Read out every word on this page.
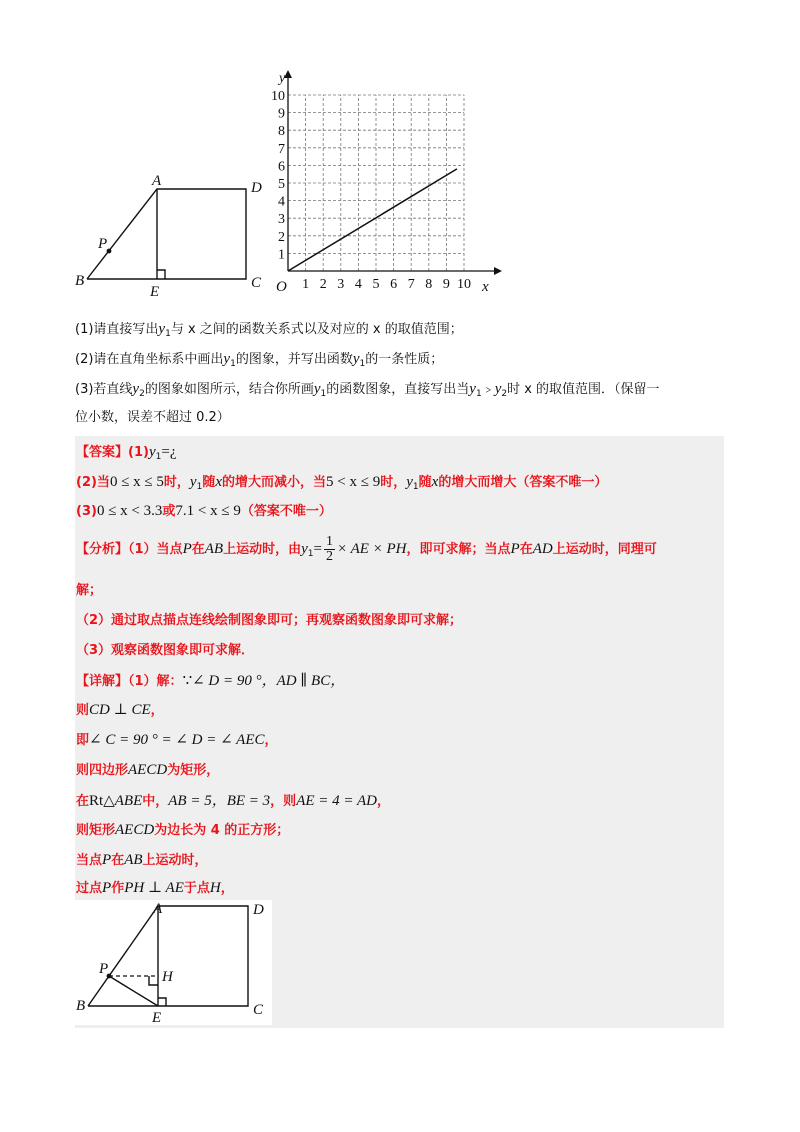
A	D
B	C
E
P
1 2 3 4 5 6 7 8 9 10
1
2
3
4
5
6
7
8
9
10
O	x
y
(1)请直接写出$y_1$与 x 之间的函数关系式以及对应的 x 的取值范围；
(2)请在直角坐标系中画出$y_1$的图象，并写出函数$y_1$的一条性质；
(3)若直线$y_2$的图象如图所示，结合你所画$y_1$的函数图象，直接写出当$y_1﹥y_2$时 x 的取值范围．（保留一
位小数，误差不超过 0.2）
【答案】$(1)y_1=¿$
(2)当0 ≤ x ≤ 5时，$y_1$随x的增大而减小，当5 < x ≤ 9时，$y_1$随x的增大而增大（答案不唯一）
(3)0 ≤ x < 3.3或7.1 < x ≤ 9（答案不唯一）
【分析】（1）当点P在AB上运动时，由$y_1= \frac{1}{2}$ × AE × PH，即可求解；当点P在AD上运动时，同理可
解；
（2）通过取点描点连线绘制图象即可；再观察函数图象即可求解；
（3）观察函数图象即可求解．
【详解】（1）解：∵∠ D = 90 °，AD ∥ BC，
则CD ⊥ CE，
即∠ C = 90 ° = ∠ D = ∠ AEC，
则四边形AECD为矩形，
在Rt△ABE中，AB = 5，BE = 3，则AE = 4 = AD，
则矩形AECD为边长为 4 的正方形；
当点P在AB上运动时，
过点P作PH ⊥ AE于点H，
A	D
B	C
E
P	H
